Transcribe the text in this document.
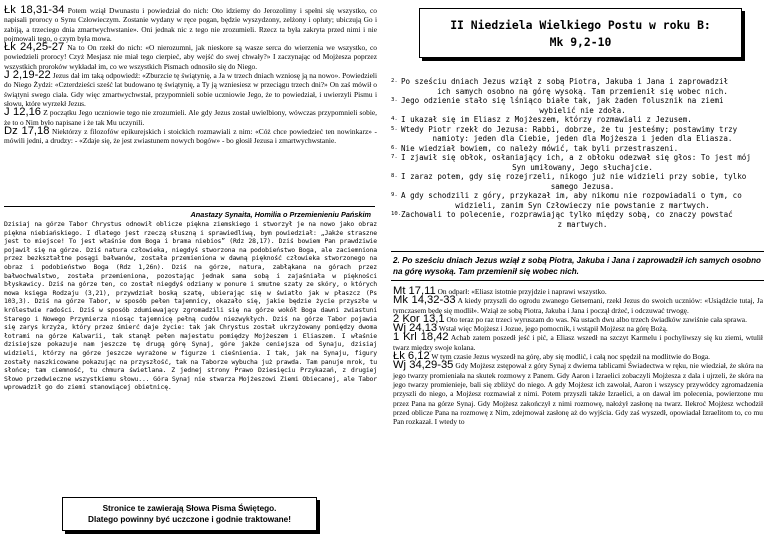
Łk 18,31-34 Potem wziął Dwunastu i powiedział do nich: Oto idziemy do Jerozolimy i spełni się wszystko, co napisali prorocy o Synu Człowieczym. Zostanie wydany w ręce pogan, będzie wyszydzony, zelżony i opluty; ubiczują Go i zabiją, a trzeciego dnia zmartwychwstanie». Oni jednak nic z tego nie zrozumieli. Rzecz ta była zakryta przed nimi i nie pojmowali tego, o czym była mowa.

Łk 24,25-27 Na to On rzekł do nich: «O nierozumni, jak nieskore są wasze serca do wierzenia we wszystko, co powiedzieli prorocy! Czyż Mesjasz nie miał tego cierpieć, aby wejść do swej chwały?» I zaczynając od Mojżesza poprzez wszystkich proroków wykładał im, co we wszystkich Pismach odnosiło się do Niego.

J 2,19-22 Jezus dał im taką odpowiedź: «Zburzcie tę świątynię, a Ja w trzech dniach wzniosę ją na nowo». Powiedzieli do Niego Żydzi: «Czterdzieści sześć lat budowano tę świątynię, a Ty ją wzniesiesz w przeciągu trzech dni?» On zaś mówił o świątyni swego ciała. Gdy więc zmartwychwstał, przypomnieli sobie uczniowie Jego, że to powiedział, i uwierzyli Pismu i słowu, które wyrzekł Jezus.

J 12,16 Z początku Jego uczniowie tego nie zrozumieli. Ale gdy Jezus został uwielbiony, wówczas przypomnieli sobie, że to o Nim było napisane i że tak Mu uczynili.

Dz 17,18 Niektórzy z filozofów epikurejskich i stoickich rozmawiali z nim: «Cóż chce powiedzieć ten nowinkarz» - mówili jedni, a drudzy: - «Zdaje się, że jest zwiastunem nowych bogów» - bo głosił Jezusa i zmartwychwstanie.

Anastazy Synaita, Homilia o Przemienieniu Pańskim

Dzisiaj na górze Tabor Chrystus odnowił oblicze piękna ziemskiego i stworzył je na nowo jako obraz piękna niebiańskiego. I dlatego jest rzeczą słuszną i sprawiedliwą, bym powiedział: „Jakże straszne jest to miejsce! To jest właśnie dom Boga i brama niebios” (Rdz 28,17). Dziś bowiem Pan prawdziwie pojawił się na górze. Dziś natura człowieka, niegdyś stworzona na podobieństwo Boga, ale zaciemniona przez bezkształtne posągi bałwanów, została przemieniona w dawną piękność człowieka stworzonego na obraz i podobieństwo Boga (Rdz 1,26n). Dziś na górze, natura, zabłąkana na górach przez bałwochwalstwo, została przemieniona, pozostając jednak sama sobą i zajaśniała w piękności błyskawicy. Dziś na górze ten, co został niegdyś odziany w ponure i smutne szaty ze skóry, o których mowa księga Rodzaju (3,21), przywdział boską szatę, ubierając się w światło jak w płaszcz (Ps 103,3). Dziś na górze Tabor, w sposób pełen tajemnicy, okazało się, jakie będzie życie przyszłe w królestwie radości. Dziś w sposób zdumiewający zgromadzili się na górze wokół Boga dawni zwiastuni Starego i Nowego Przymierza niosąc tajemnicę pełną cudów niezwykłych. Dziś na górze Tabor pojawia się zarys krzyża, który przez śmierć daje życie: tak jak Chrystus został ukrzyżowany pomiędzy dwoma łotrami na górze Kalwarii, tak stanął pełen majestatu pomiędzy Mojżeszem i Eliaszem. I właśnie dzisiejsze pokazuje nam jeszcze tę drugą górę Synaj, góre jakże ceniejsza od Synaju, dzisiaj widzieli, którzy na górze jeszcze wyrażone w figurze i cieśnienia. I tak, jak na Synaju, figury zostały naszkicowane pokazując na przyszłość, tak na Taborze wybucha już prawda. Tam panuje mrok, tu słońce; tam ciemność, tu chmura świetlana. Z jednej strony Prawo Dziesięciu Przykazań, z drugiej Słowo przedwieczne wszystkiemu słowu... Góra Synaj nie stwarza Mojżeszowi Ziemi Obiecanej, ale Tabor wprowadził go do ziemi stanowiącej obietnicę.

Stronice te zawierają Słowa Pisma Świętego.
Dlatego powinny być uczczone i godnie traktowane!
II Niedziela Wielkiego Postu w roku B:
Mk 9,2-10
2. Po sześciu dniach Jezus wziął z sobą Piotra, Jakuba i Jana i zaprowadził
ich samych osobno na górę wysoką. Tam przemienił się wobec nich.
3. Jego odzienie stało się lśniąco białe tak, jak żaden folusznik na ziemi
wybielić nie zdoła.
4. I ukazał się im Eliasz z Mojżeszem, którzy rozmawiali z Jezusem.
5. Wtedy Piotr rzekł do Jezusa: Rabbi, dobrze, że tu jesteśmy; postawimy trzy
namioty: jeden dla Ciebie, jeden dla Mojżesza i jeden dla Eliasza.
6. Nie wiedział bowiem, co należy mówić, tak byli przestraszeni.
7. I zjawił się obłok, osłaniający ich, a z obłoku odezwał się głos: To jest mój
Syn umiłowany, Jego słuchajcie.
8. I zaraz potem, gdy się rozejrzeli, nikogo już nie widzieli przy sobie, tylko
samego Jezusa.
9. A gdy schodzili z góry, przykazał im, aby nikomu nie rozpowiadali o tym, co
widzieli, zanim Syn Człowieczy nie powstanie z martwych.
10. Zachowali to polecenie, rozprawiając tylko między sobą, co znaczy powstać
z martwych.

2. Po sześciu dniach Jezus wziął z sobą Piotra, Jakuba i Jana i zaprowadził ich samych osobno na górę wysoką. Tam przemienił się wobec nich.

Mt 17,11 On odparł: «Eliasz istotnie przyjdzie i naprawi wszystko.

Mk 14,32-33 A kiedy przyszli do ogrodu zwanego Getsemani, rzekł Jezus do swoich uczniów: «Usiądźcie tutaj, Ja tymczasem będę się modlił». Wziął ze sobą Piotra, Jakuba i Jana i począł drżeć, i odczuwać trwogę.

2 Kor 13,1 Oto teraz po raz trzeci wyruszam do was. Na ustach dwu albo trzech świadków zawiśnie cała sprawa.

Wj 24,13 Wstał więc Mojżesz i Jozue, jego pomocnik, i wstąpił Mojżesz na górę Bożą.

1 Krl 18,42 Achab zatem poszedł jeść i pić, a Eliasz wszedł na szczyt Karmelu i pochyliwszy się ku ziemi, wtulił twarz między swoje kolana.

Łk 6,12 W tym czasie Jezus wyszedł na górę, aby się modlić, i całą noc spędził na modlitwie do Boga.

Wj 34,29-35 Gdy Mojżesz zstępował z góry Synaj z dwiema tablicami Świadectwa w ręku, nie wiedział, że skóra na jego twarzy promieniała na skutek rozmowy z Panem. Gdy Aaron i Izraelici zobaczyli Mojżesza z dala i ujrzeli, że skóra na jego twarzy promienieje, bali się zbliżyć do niego. A gdy Mojżesz ich zawołał, Aaron i wszyscy przywódcy zgromadzenia przyszli do niego, a Mojżesz rozmawiał z nimi. Potem przyszli także Izraelici, a on dawał im polecenia, powierzone mu przez Pana na górze Synaj. Gdy Mojżesz zakończył z nimi rozmowę, nałożył zasłonę na twarz. Ilekroć Mojżesz wchodził przed oblicze Pana na rozmowę z Nim, zdejmował zasłonę aż do wyjścia. Gdy zaś wyszedł, opowiadał Izraelitom to, co mu Pan rozkazał. I wtedy to
